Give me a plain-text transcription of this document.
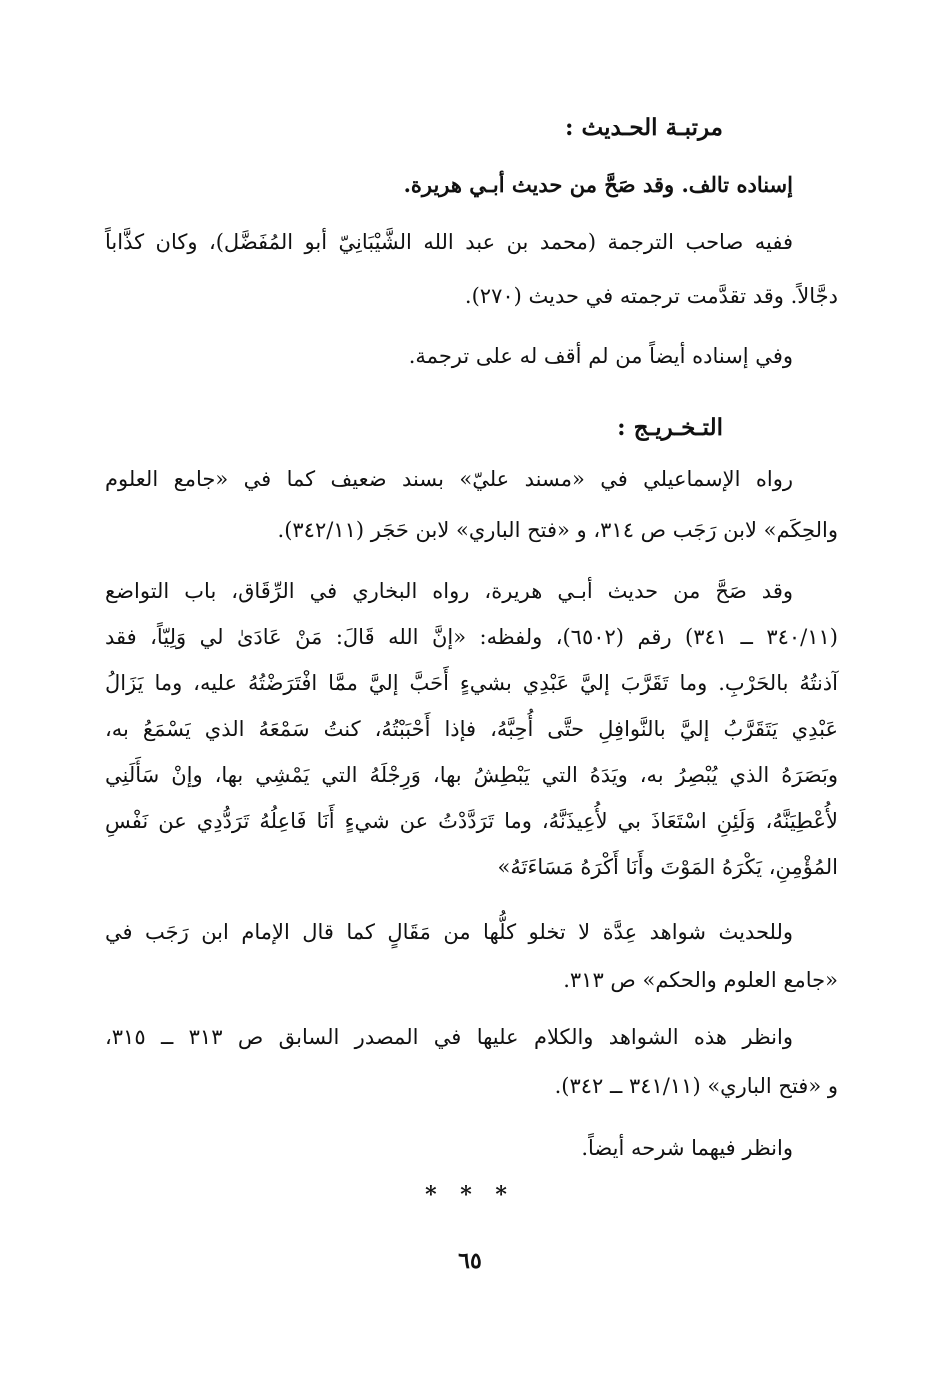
مرتبـة الحـديث :
إسناده تالف. وقد صَحَّ من حديث أبـي هريرة.
ففيه صاحب الترجمة (محمد بن عبد الله الشَّيْبَانِيّ أبو المُفَضَّل)، وكان كذَّاباً
دجَّالاً. وقد تقدَّمت ترجمته في حديث (٢٧٠).
وفي إسناده أيضاً من لم أقف له على ترجمة.
التـخـريـج :
رواه الإسماعيلي في «مسند عليّ» بسند ضعيف كما في «جامع العلوم
والحِكَم» لابن رَجَب ص ٣١٤، و «فتح الباري» لابن حَجَر (٣٤٢/١١).
وقد صَحَّ من حديث أبـي هريرة، رواه البخاري في الرِّقَاق، باب التواضع
(٣٤٠/١١ ــ ٣٤١) رقم (٦٥٠٢)، ولفظه: «إنَّ الله قَالَ: مَنْ عَادَىٰ لي وَلِيّاً، فقد
آذنتُهُ بالحَرْبِ. وما تَقَرَّبَ إليَّ عَبْدِي بشيءٍ أَحَبَّ إليَّ ممَّا افْتَرَضْتُهُ عليه، وما يَزَالُ
عَبْدِي يَتَقَرَّبُ إليَّ بالنَّوافِلِ حتَّى أُحِبَّهُ، فإذا أَحْبَبْتُهُ، كنتُ سَمْعَهُ الذي يَسْمَعُ به،
وبَصَرَهُ الذي يُبْصِرُ به، ويَدَهُ التي يَبْطِشُ بها، وَرِجْلَهُ التي يَمْشِي بها، وإنْ سَأَلَنِي
لأُعْطِيَنَّهُ، وَلَئِنِ اسْتَعَاذَ بي لأُعِيذَنَّهُ، وما تَرَدَّدْتُ عن شيءٍ أَنَا فَاعِلُهُ تَرَدُّدِي عن نَفْسِ
المُؤْمِنِ، يَكْرَهُ المَوْتَ وأَنَا أَكْرَهُ مَسَاءَتَهُ»
وللحديث شواهد عِدَّة لا تخلو كلُّها من مَقَالٍ كما قال الإمام ابن رَجَب في
«جامع العلوم والحكم» ص ٣١٣.
وانظر هذه الشواهد والكلام عليها في المصدر السابق ص ٣١٣ ــ ٣١٥،
و «فتح الباري» (٣٤١/١١ ــ ٣٤٢).
وانظر فيهما شرحه أيضاً.
* * *
٦٥
